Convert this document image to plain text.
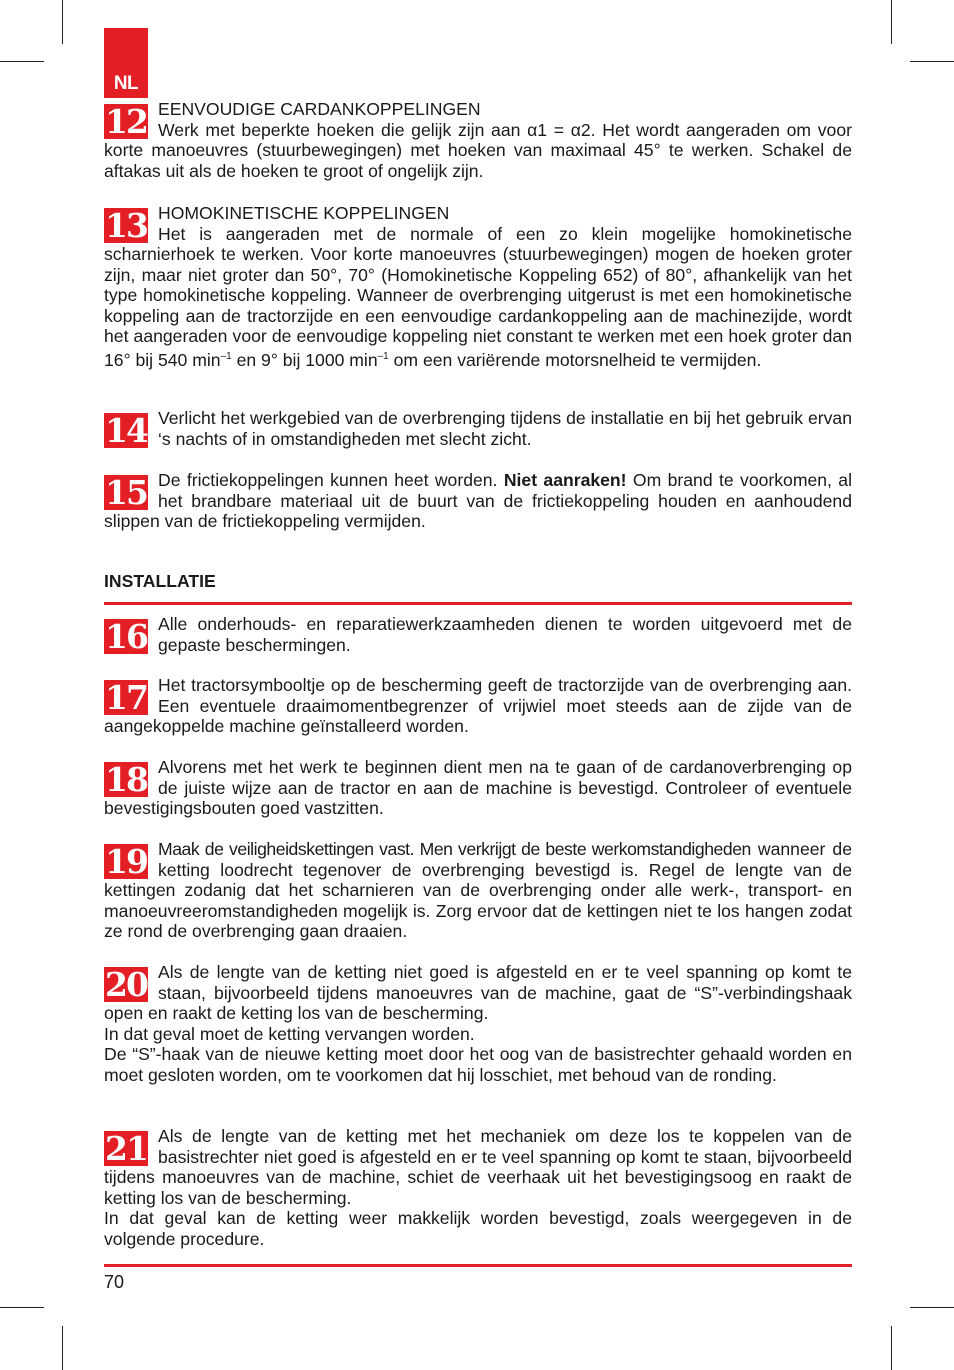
NL
12 EENVOUDIGE CARDANKOPPELINGEN

Werk met beperkte hoeken die gelijk zijn aan α1 = α2. Het wordt aangeraden om voor korte manoeuvres (stuurbewegingen) met hoeken van maximaal 45° te werken. Schakel de aftakas uit als de hoeken te groot of ongelijk zijn.

13 HOMOKINETISCHE KOPPELINGEN

Het is aangeraden met de normale of een zo klein mogelijke homokinetische scharnierhoek te werken. Voor korte manoeuvres (stuurbewegingen) mogen de hoeken groter zijn, maar niet groter dan 50°, 70° (Homokinetische Koppeling 652) of 80°, afhankelijk van het type homokinetische koppeling. Wanneer de overbrenging uitgerust is met een homokinetische koppeling aan de tractorzijde en een eenvoudige cardankoppeling aan de machinezijde, wordt het aangeraden voor de eenvoudige koppeling niet constant te werken met een hoek groter dan 16° bij 540 $\min^{-1}$ en 9° bij 1000 $\min^{-1}$ om een variërende motorsnelheid te vermijden.

14 Verlicht het werkgebied van de overbrenging tijdens de installatie en bij het gebruik ervan ‘s nachts of in omstandigheden met slecht zicht.

15 De frictiekoppelingen kunnen heet worden. Niet aanraken! Om brand te voorkomen, al het brandbare materiaal uit de buurt van de frictiekoppeling houden en aanhoudend slippen van de frictiekoppeling vermijden.

INSTALLATIE
16 Alle onderhouds- en reparatiewerkzaamheden dienen te worden uitgevoerd met de gepaste beschermingen.

17 Het tractorsymbooltje op de bescherming geeft de tractorzijde van de overbrenging aan. Een eventuele draaimomentbegrenzer of vrijwiel moet steeds aan de zijde van de aangekoppelde machine geïnstalleerd worden.

18 Alvorens met het werk te beginnen dient men na te gaan of de cardanoverbrenging op de juiste wijze aan de tractor en aan de machine is bevestigd. Controleer of eventuele bevestigingsbouten goed vastzitten.

19 Maak de veiligheidskettingen vast. Men verkrijgt de beste werkomstandigheden wanneer de ketting loodrecht tegenover de overbrenging bevestigd is. Regel de lengte van de kettingen zodanig dat het scharnieren van de overbrenging onder alle werk-, transport- en manoeuvreeromstandigheden mogelijk is. Zorg ervoor dat de kettingen niet te los hangen zodat ze rond de overbrenging gaan draaien.

20 Als de lengte van de ketting niet goed is afgesteld en er te veel spanning op komt te staan, bijvoorbeeld tijdens manoeuvres van de machine, gaat de “S”-verbindingshaak open en raakt de ketting los van de bescherming.

In dat geval moet de ketting vervangen worden.

De “S”-haak van de nieuwe ketting moet door het oog van de basistrechter gehaald worden en moet gesloten worden, om te voorkomen dat hij losschiet, met behoud van de ronding.

21 Als de lengte van de ketting met het mechaniek om deze los te koppelen van de basistrechter niet goed is afgesteld en er te veel spanning op komt te staan, bijvoorbeeld tijdens manoeuvres van de machine, schiet de veerhaak uit het bevestigingsoog en raakt de ketting los van de bescherming.

In dat geval kan de ketting weer makkelijk worden bevestigd, zoals weergegeven in de volgende procedure.

70
